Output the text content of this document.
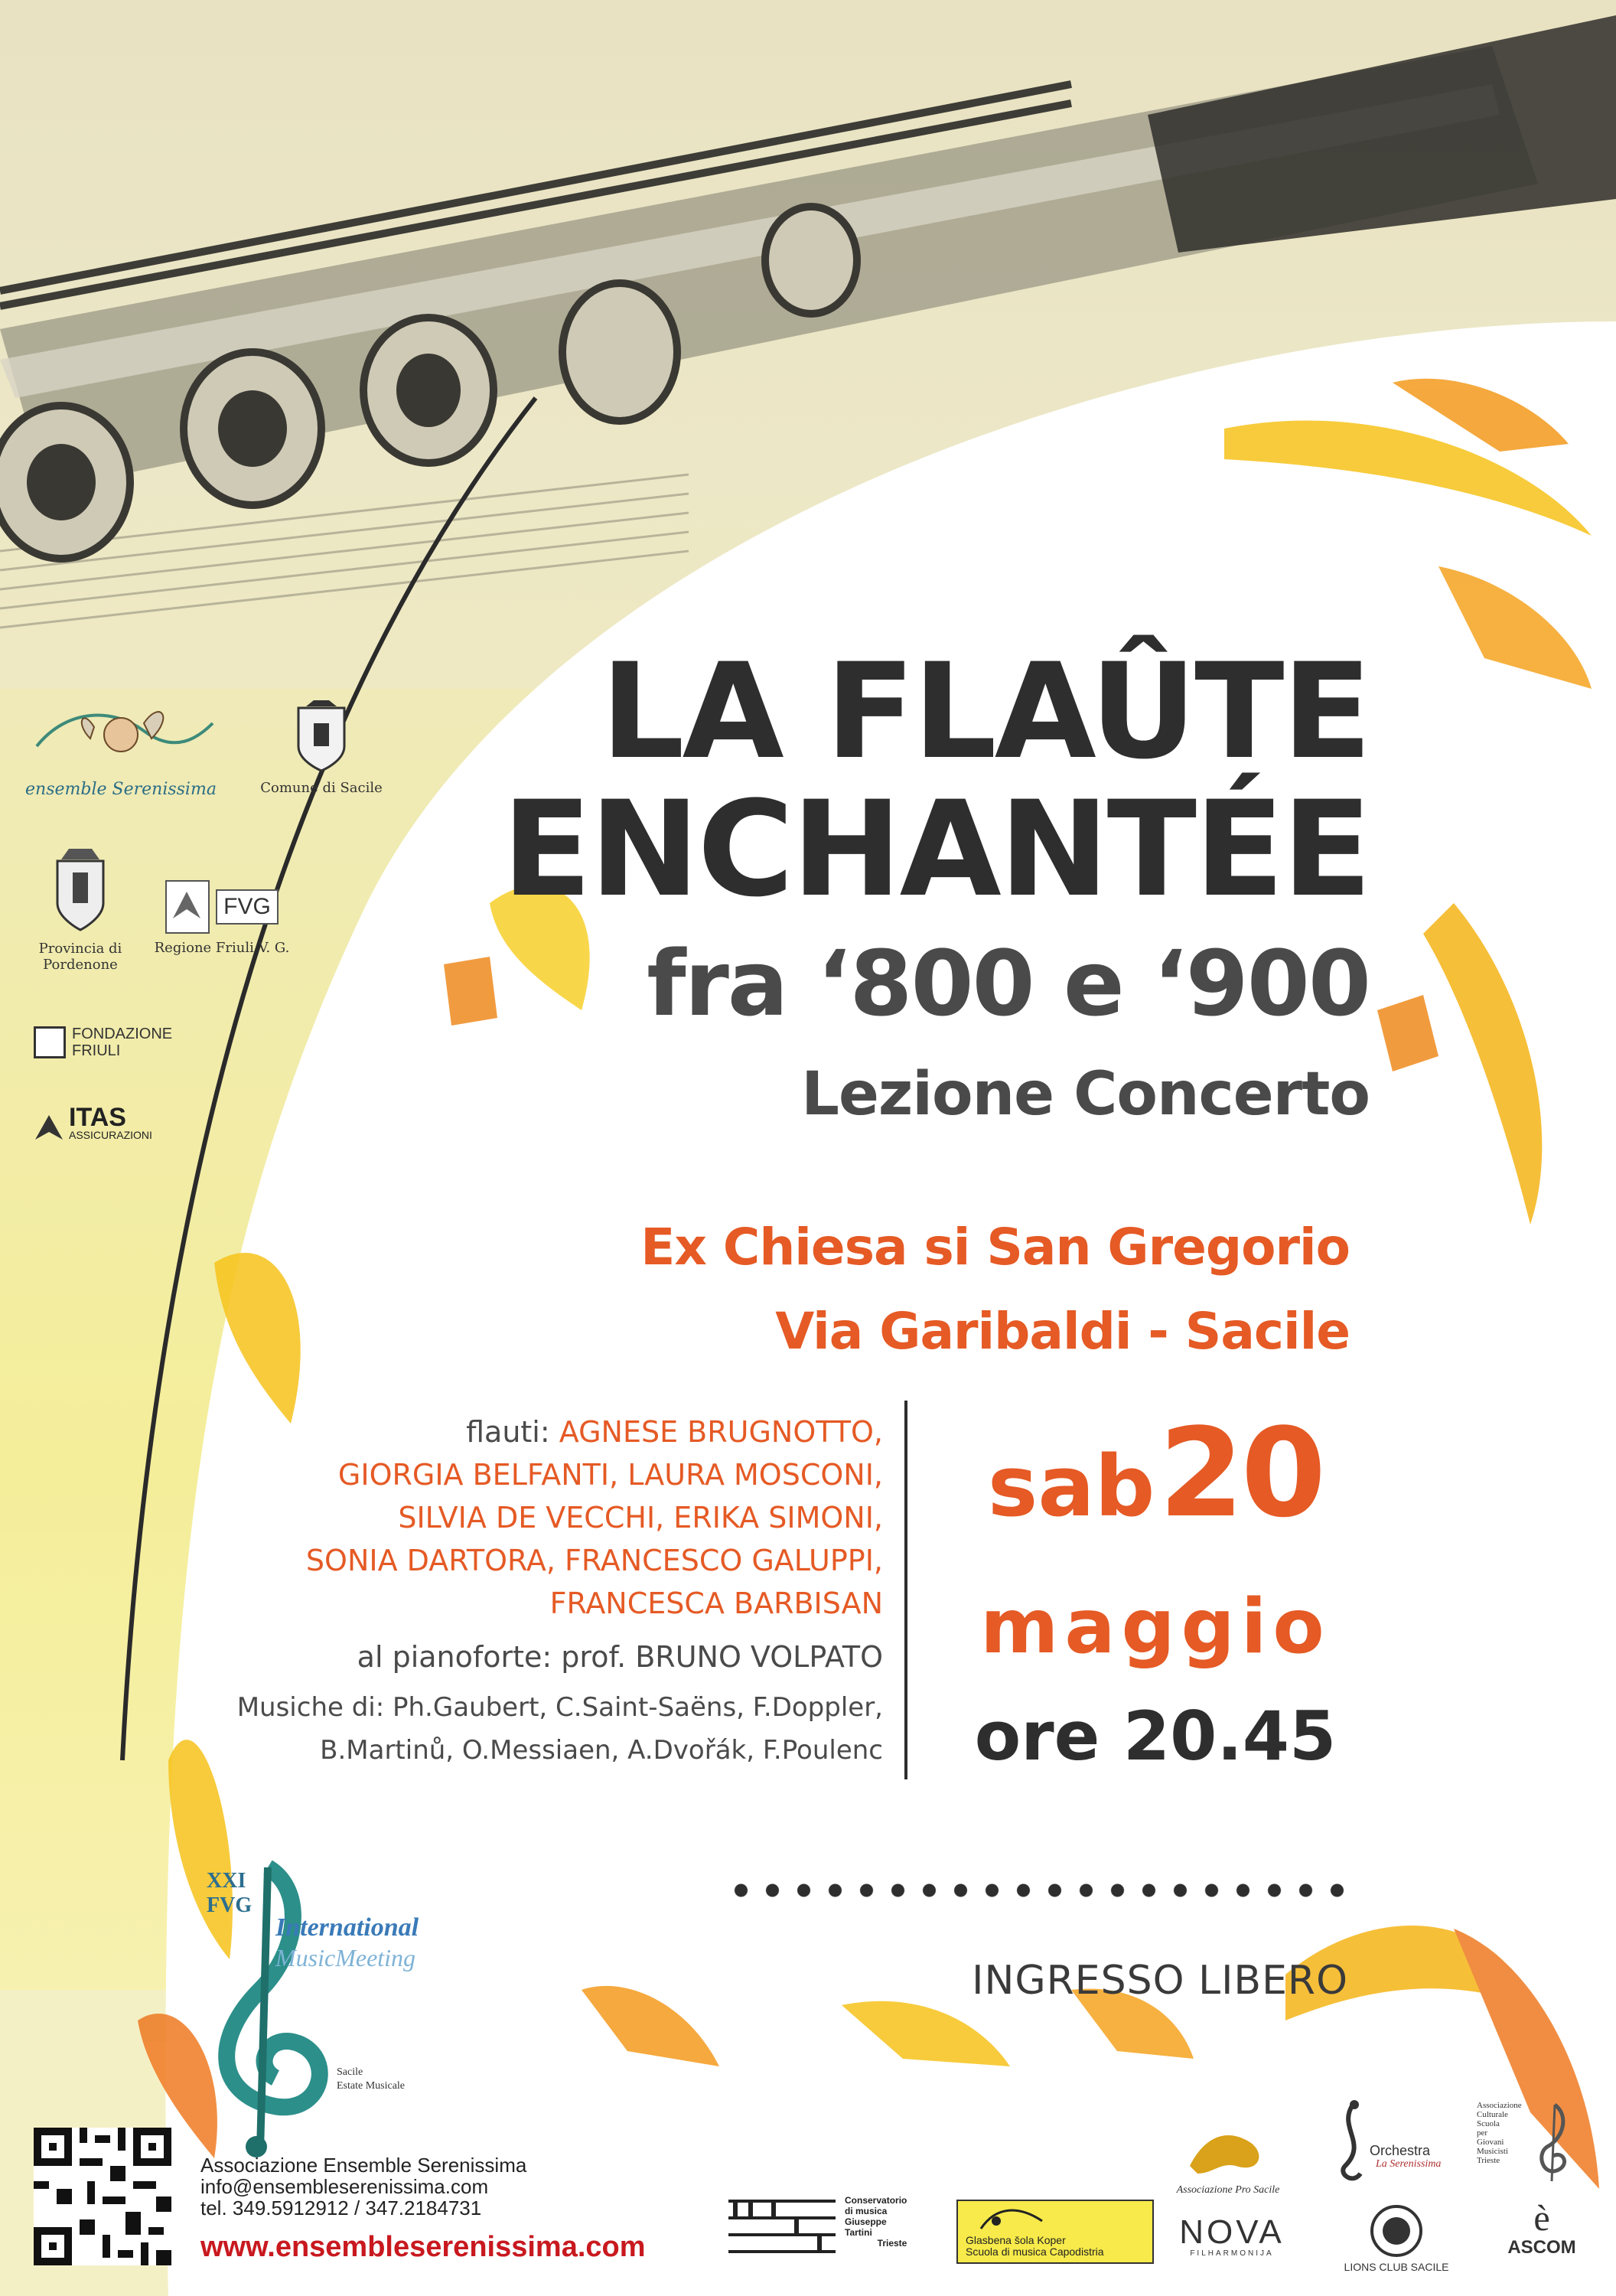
LA FLAÛTE
ENCHANTÉE
fra ‘800 e ‘900
Lezione Concerto
Ex Chiesa si San Gregorio
Via Garibaldi - Sacile
flauti: AGNESE BRUGNOTTO,
GIORGIA BELFANTI, LAURA MOSCONI,
SILVIA DE VECCHI, ERIKA SIMONI,
SONIA DARTORA, FRANCESCO GALUPPI,
FRANCESCA BARBISAN
al pianoforte: prof. BRUNO VOLPATO
Musiche di: Ph.Gaubert, C.Saint-Saëns, F.Doppler,
B.Martinů, O.Messiaen, A.Dvořák, F.Poulenc
sab 20
maggio
ore 20.45
INGRESSO LIBERO
ensemble Serenissima	Comune di Sacile
Provincia di
Pordenone
FVG
Regione Friuli V. G.
FONDAZIONE
FRIULI
ITAS
ASSICURAZIONI
XXI
FVG
International
MusicMeeting
Sacile
Estate Musicale
Associazione Ensemble Serenissima
info@ensembleserenissima.com
tel. 349.5912912 / 347.2184731
www.ensembleserenissima.com
Conservatorio
di musica
Giuseppe
Tartini
Trieste	Glasbena šola Koper
Scuola di musica Capodistria
Associazione Pro Sacile
NOVA
FILHARMONIJA
Orchestra
La Serenissima
LIONS CLUB SACILE
Associazione
Culturale
Scuola
per
Giovani
Musicisti
Trieste
è
ASCOM
